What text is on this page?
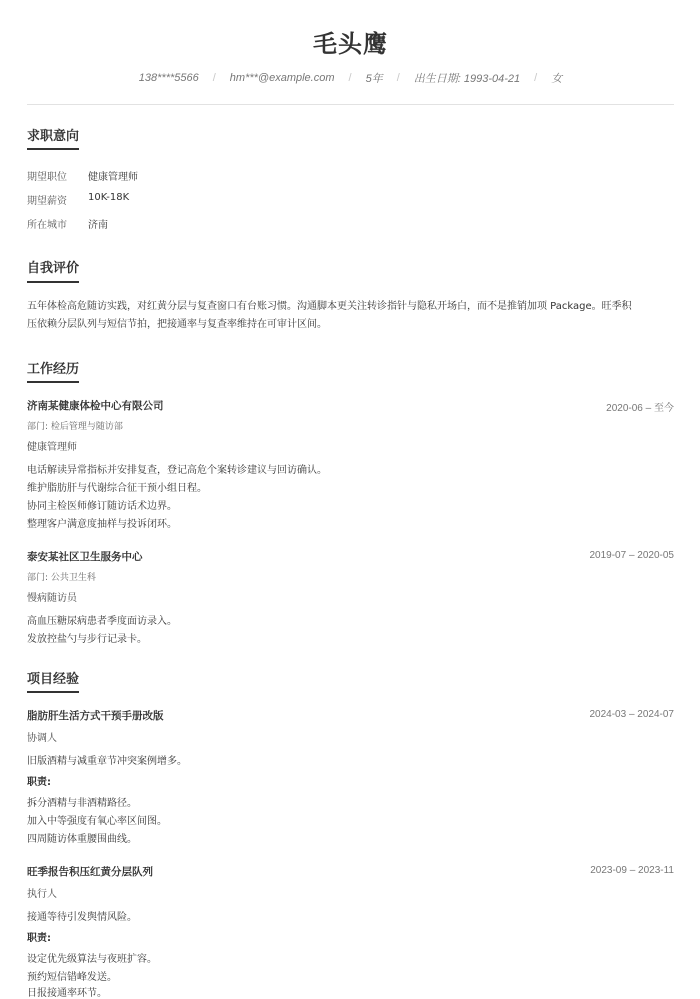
毛头鹰
138****5566 / hm***@example.com / 5年 / 出生日期: 1993-04-21 / 女
求职意向
期望职位	健康管理师
期望薪资	10K-18K
所在城市	济南
自我评价
五年体检高危随访实践，对红黄分层与复查窗口有台账习惯。沟通脚本更关注转诊指针与隐私开场白，而不是推销加项 Package。旺季积
压依赖分层队列与短信节拍，把接通率与复查率维持在可审计区间。
工作经历
济南某健康体检中心有限公司	2020-06 – 至今
部门: 检后管理与随访部
健康管理师
电话解读异常指标并安排复查，登记高危个案转诊建议与回访确认。
维护脂肪肝与代谢综合征干预小组日程。
协同主检医师修订随访话术边界。
整理客户满意度抽样与投诉闭环。
泰安某社区卫生服务中心	2019-07 – 2020-05
部门: 公共卫生科
慢病随访员
高血压糖尿病患者季度面访录入。
发放控盐勺与步行记录卡。
项目经验
脂肪肝生活方式干预手册改版	2024-03 – 2024-07
协调人
旧版酒精与减重章节冲突案例增多。
职责:
拆分酒精与非酒精路径。
加入中等强度有氧心率区间图。
四周随访体重腰围曲线。
旺季报告积压红黄分层队列	2023-09 – 2023-11
执行人
接通等待引发舆情风险。
职责:
设定优先级算法与夜班扩容。
预约短信错峰发送。
日报接通率环节。
